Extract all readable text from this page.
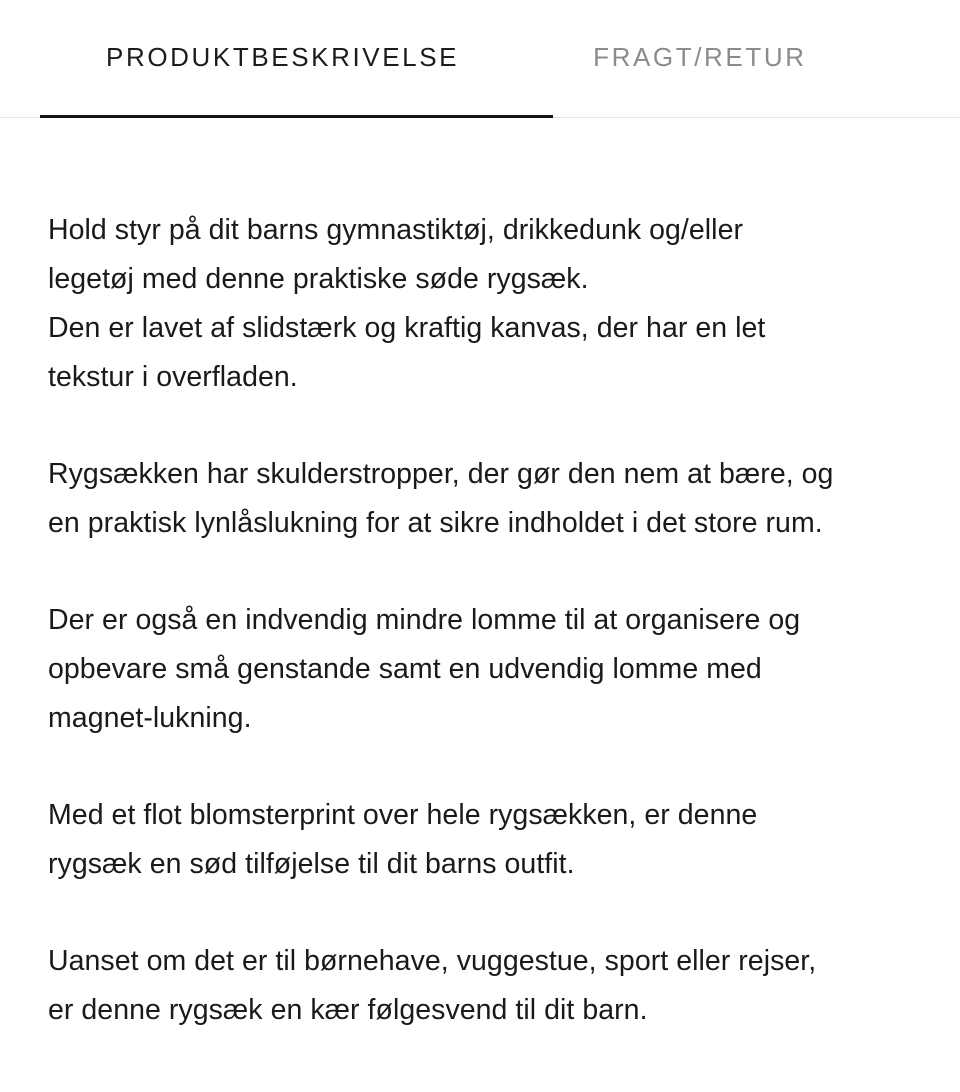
PRODUKTBESKRIVELSE	FRAGT/RETUR

Hold styr på dit barns gymnastiktøj, drikkedunk og/eller
legetøj med denne praktiske søde rygsæk.
Den er lavet af slidstærk og kraftig kanvas, der har en let
tekstur i overfladen.

Rygsækken har skulderstropper, der gør den nem at bære, og
en praktisk lynlåslukning for at sikre indholdet i det store rum.

Der er også en indvendig mindre lomme til at organisere og
opbevare små genstande samt en udvendig lomme med
magnet-lukning.

Med et flot blomsterprint over hele rygsækken, er denne
rygsæk en sød tilføjelse til dit barns outfit.

Uanset om det er til børnehave, vuggestue, sport eller rejser,
er denne rygsæk en kær følgesvend til dit barn.
